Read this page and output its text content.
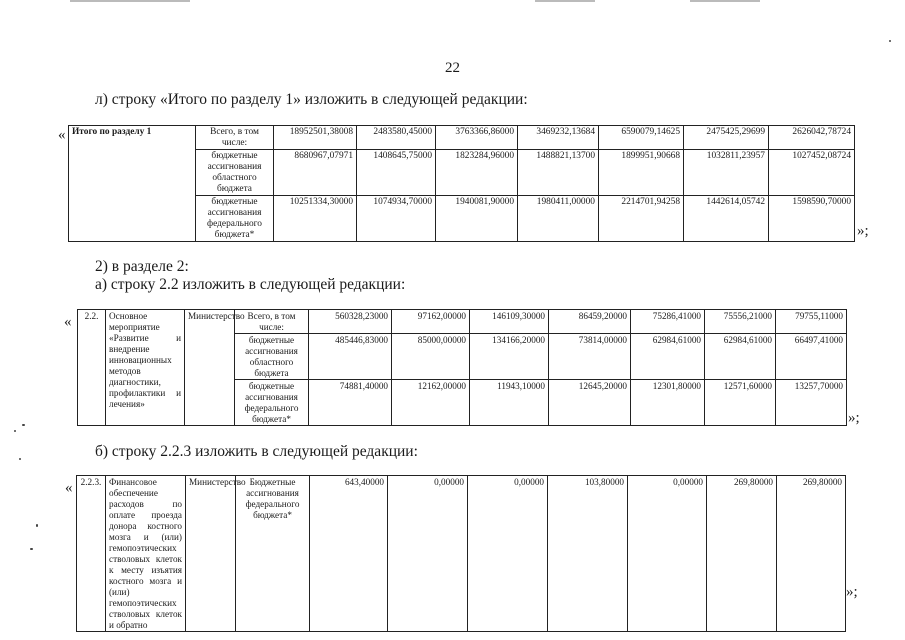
22
л) строку «Итого по разделу 1» изложить в следующей редакции:
« Итого по разделу 1	Всего, в том числе:	18952501,38008	2483580,45000	3763366,86000	3469232,13684	6590079,14625	2475425,29699	2626042,78724
	бюджетные ассигнования областного бюджета	8680967,07971	1408645,75000	1823284,96000	1488821,13700	1899951,90668	1032811,23957	1027452,08724
	бюджетные ассигнования федерального бюджета*	10251334,30000	1074934,70000	1940081,90000	1980411,00000	2214701,94258	1442614,05742	1598590,70000
»;
2) в разделе 2:
а) строку 2.2 изложить в следующей редакции:
« 2.2.	Основное мероприятие «Развитие и внедрение инновационных методов диагностики, профилактики и лечения»	Министерство	Всего, в том числе:	560328,23000	97162,00000	146109,30000	86459,20000	75286,41000	75556,21000	79755,11000
			бюджетные ассигнования областного бюджета	485446,83000	85000,00000	134166,20000	73814,00000	62984,61000	62984,61000	66497,41000
			бюджетные ассигнования федерального бюджета*	74881,40000	12162,00000	11943,10000	12645,20000	12301,80000	12571,60000	13257,70000
»;
б) строку 2.2.3 изложить в следующей редакции:
« 2.2.3.	Финансовое обеспечение расходов по оплате проезда донора костного мозга и (или) гемопоэтических стволовых клеток к месту изъятия костного мозга и (или) гемопоэтических стволовых клеток и обратно	Министерство	Бюджетные ассигнования федерального бюджета*	643,40000	0,00000	0,00000	103,80000	0,00000	269,80000	269,80000
»;
